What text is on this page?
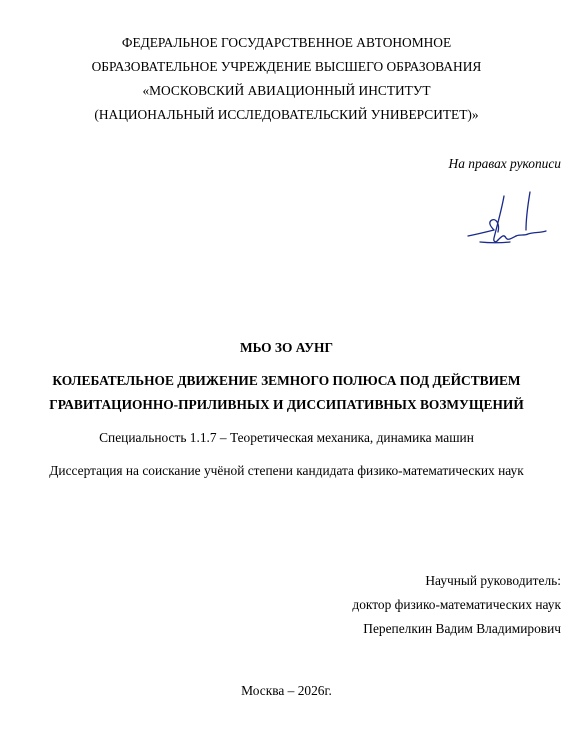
ФЕДЕРАЛЬНОЕ ГОСУДАРСТВЕННОЕ АВТОНОМНОЕ
ОБРАЗОВАТЕЛЬНОЕ УЧРЕЖДЕНИЕ ВЫСШЕГО ОБРАЗОВАНИЯ
«МОСКОВСКИЙ АВИАЦИОННЫЙ ИНСТИТУТ
(НАЦИОНАЛЬНЫЙ ИССЛЕДОВАТЕЛЬСКИЙ УНИВЕРСИТЕТ)»
На правах рукописи
МЬО ЗО АУНГ
КОЛЕБАТЕЛЬНОЕ ДВИЖЕНИЕ ЗЕМНОГО ПОЛЮСА ПОД ДЕЙСТВИЕМ
ГРАВИТАЦИОННО-ПРИЛИВНЫХ И ДИССИПАТИВНЫХ ВОЗМУЩЕНИЙ
Специальность 1.1.7 – Теоретическая механика, динамика машин
Диссертация на соискание учёной степени кандидата физико-математических наук
Научный руководитель:
доктор физико-математических наук
Перепелкин Вадим Владимирович
Москва – 2026г.
